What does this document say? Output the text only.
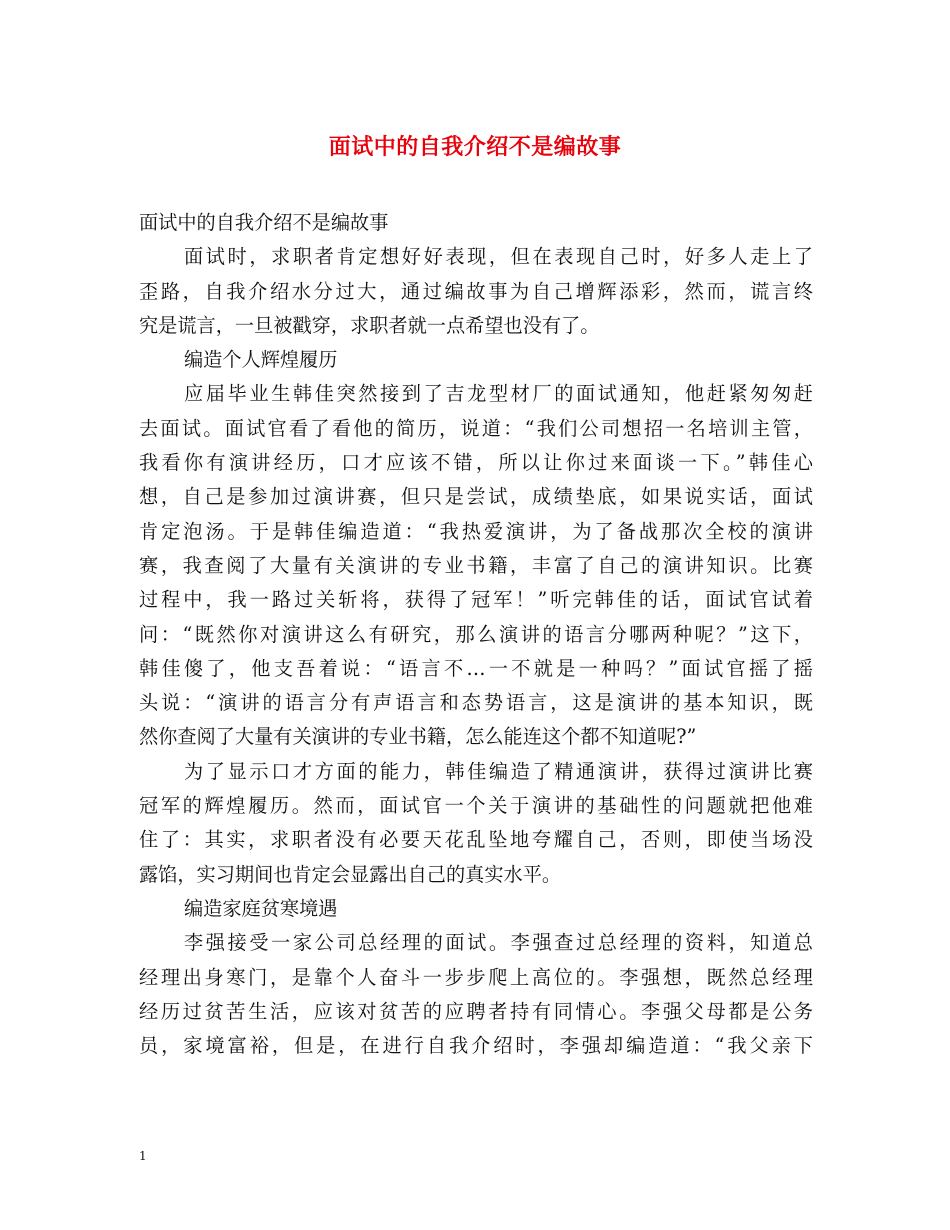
面试中的自我介绍不是编故事
面试中的自我介绍不是编故事
面试时，求职者肯定想好好表现，但在表现自己时，好多人走上了
歪路，自我介绍水分过大，通过编故事为自己增辉添彩，然而，谎言终
究是谎言，一旦被戳穿，求职者就一点希望也没有了。
编造个人辉煌履历
应届毕业生韩佳突然接到了吉龙型材厂的面试通知，他赶紧匆匆赶
去面试。面试官看了看他的简历，说道：“我们公司想招一名培训主管，
我看你有演讲经历，口才应该不错，所以让你过来面谈一下。”韩佳心
想，自己是参加过演讲赛，但只是尝试，成绩垫底，如果说实话，面试
肯定泡汤。于是韩佳编造道：“我热爱演讲，为了备战那次全校的演讲
赛，我查阅了大量有关演讲的专业书籍，丰富了自己的演讲知识。比赛
过程中，我一路过关斩将，获得了冠军！”听完韩佳的话，面试官试着
问：“既然你对演讲这么有研究，那么演讲的语言分哪两种呢？”这下，
韩佳傻了，他支吾着说：“语言不…一不就是一种吗？”面试官摇了摇
头说：“演讲的语言分有声语言和态势语言，这是演讲的基本知识，既
然你查阅了大量有关演讲的专业书籍，怎么能连这个都不知道呢?”
为了显示口才方面的能力，韩佳编造了精通演讲，获得过演讲比赛
冠军的辉煌履历。然而，面试官一个关于演讲的基础性的问题就把他难
住了：其实，求职者没有必要天花乱坠地夸耀自己，否则，即使当场没
露馅，实习期间也肯定会显露出自己的真实水平。
编造家庭贫寒境遇
李强接受一家公司总经理的面试。李强查过总经理的资料，知道总
经理出身寒门，是靠个人奋斗一步步爬上高位的。李强想，既然总经理
经历过贫苦生活，应该对贫苦的应聘者持有同情心。李强父母都是公务
员，家境富裕，但是，在进行自我介绍时，李强却编造道：“我父亲下
1
